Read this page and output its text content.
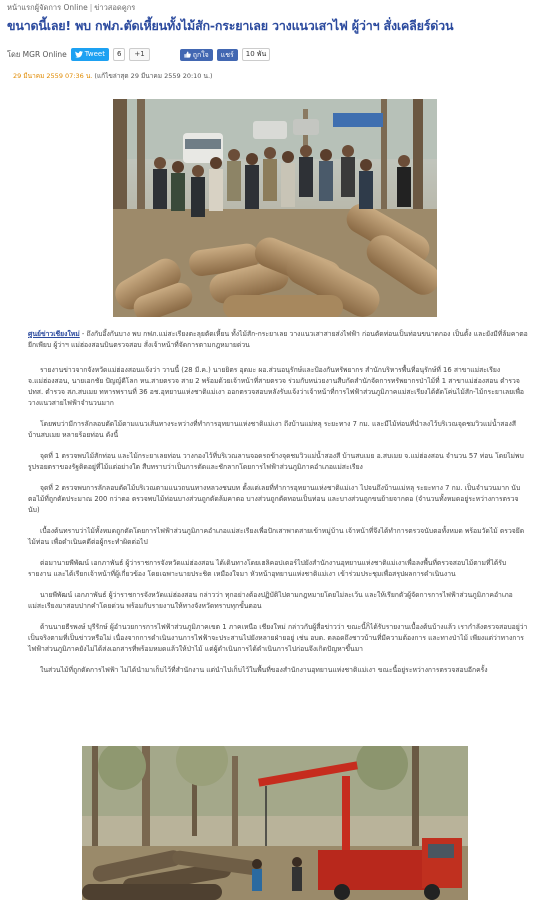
หน้าแรกผู้จัดการ Online | ข่าวสอดคูกร
ขนาดนี้เลย! พบ กฟภ.ตัดเหี้ยนทั้งไม้สัก-กระยาเลย วางแนวเสาไฟ ผู้ว่าฯ สั่งเคลียร์ด่วน
โดย MGR Online	Tweet	6	+1	ถูกใจ	แชร์	10 พัน
29 มีนาคม 2559 07:36 น. (แก้ไขล่าสุด 29 มีนาคม 2559 20:10 น.)

ศูนย์ข่าวเชียงใหม่ - ถึงกับอึ้งกันบาง พบ กฟภ.แม่สะเรียงตะลุยตัดเหี้ยน ทั้งไม้สัก-กระยาเลย วางแนวเสาสายส่งไฟฟ้า ก่อนตัดท่อนเป็นท่อนขนาดกอง เป็นตั้ง และยังมีที่ล้มคาตอยีกเพียบ ผู้ว่าฯ แม่ฮ่องสอนบินตรวจสอบ สั่งเจ้าหน้าที่จัดการตามกฎหมายด่วน

รายงานข่าวจากจังหวัดแม่ฮ่องสอนแจ้งว่า วานนี้ (28 มี.ค.) นายยิตร อุดมะ ผอ.ส่วนอนุรักษ์และป้องกันทรัพยากร สำนักบริหารพื้นที่อนุรักษ์ที่ 16 สาขาแม่สะเรียง จ.แม่ฮ่องสอน, นายเอกชัย ปัญญ์ดีโลก หน.สายตรวจ สาย 2 พร้อมด้วยเจ้าหน้าที่สายตรวจ ร่วมกับหน่วยงานสืบกัดสำนักจัดการทรัพยากรป่าไม้ที่ 1 สาขาแม่ฮ่องสอน ตำรวจ ปทส. ตำรวจ สภ.สบเมย ทหารพรานที่ 36 อช.อุทยานแห่งชาติแม่เงา ออกตรวจสอบหลังรับแจ้งว่าเจ้าหน้าที่การไฟฟ้าส่วนภูมิภาคแม่สะเรียงได้ตัดโค่นไม้สัก-ไม้กระยาเลยเพื่อวางแนวสายไฟฟ้าจำนวนมาก

โดยพบว่ามีการลักลอบตัดไม้ตามแนวเส้นทางระหว่างที่ทำการอุทยานแห่งชาติแม่เงา ถึงบ้านแม่หลุ ระยะทาง 7 กม. และมีไม้ท่อนที่นำลงไว้บริเวณจุดชมวิวแม่น้ำสองสี บ้านสบเมย หลายร้อยท่อน ดังนี้

จุดที่ 1 ตรวจพบไม้สักท่อน และไม้กระยาเลยท่อน วางกองไว้ที่บริเวณลานจอดรถข้างจุดชมวิวแม่น้ำสองสี บ้านสบเมย อ.สบเมย จ.แม่ฮ่องสอน จำนวน 57 ท่อน โดยไม่พบรูปรอยตราของรัฐติดอยู่ที่ไม้แต่อย่างใด สืบทราบว่าเป็นการตัดและชักลากโดยการไฟฟ้าส่วนภูมิภาคอำเภอแม่สะเรียง

จุดที่ 2 ตรวจพบการลักลอบตัดไม้บริเวณตามแนวถนนทางหลวงชนบท ตั้งแต่เลยที่ทำการอุทยานแห่งชาติแม่เงา ไปจนถึงบ้านแม่หลุ ระยะทาง 7 กม. เป็นจำนวนมาก นับตอไม้ที่ถูกตัดประมาณ 200 กว่าตอ ตรวจพบไม้ท่อนบางส่วนถูกตัดล้มคาตอ บางส่วนถูกตัดทอนเป็นท่อน และบางส่วนถูกขนย้ายจากตอ (จำนวนทั้งหมดอยู่ระหว่างการตรวจนับ)

เบื้องต้นทราบว่าไม้ทั้งหมดถูกตัดโดยการไฟฟ้าส่วนภูมิภาคอำเภอแม่สะเรียงเพื่อปักเสาพาดสายเข้าหมู่บ้าน เจ้าหน้าที่จึงได้ทำการตรวจนับตอทั้งหมด พร้อมวัดไม้ ตรวจยึดไม้ท่อน เพื่อดำเนินคดีต่อผู้กระทำผิดต่อไป

ต่อมานายพีพัฒน์ เอกภาพันธ์ ผู้ว่าราชการจังหวัดแม่ฮ่องสอน ได้เดินทางโดยเฮลิคอปเตอร์ไปยังสำนักงานอุทยานแห่งชาติแม่เงาเพื่อลงพื้นที่ตรวจสอบไม้ตามที่ได้รับรายงาน และได้เรียกเจ้าหน้าที่ผู้เกี่ยวข้อง โดยเฉพาะนายประชิต เหมืองใจมา หัวหน้าอุทยานแห่งชาติแม่เงา เข้าร่วมประชุมเพื่อสรุปผลการดำเนินงาน

นายพีพัฒน์ เอกภาพันธ์ ผู้ว่าราชการจังหวัดแม่ฮ่องสอน กล่าวว่า ทุกอย่างต้องปฏิบัติไปตามกฎหมายโดยไม่ละเว้น และให้เรียกตัวผู้จัดการการไฟฟ้าส่วนภูมิภาคอำเภอแม่สะเรียงมาสอบปากคำโดยด่วน พร้อมกับรายงานให้ทางจังหวัดทราบทุกขั้นตอน

ด้านนายธีรพงษ์ บุรีรักษ์ ผู้อำนวยการการไฟฟ้าส่วนภูมิภาคเขต 1 ภาคเหนือ เชียงใหม่ กล่าวกับผู้สื่อข่าวว่า ขณะนี้ก็ได้รับรายงานเบื้องต้นบ้างแล้ว เรากำลังตรวจสอบอยู่ว่าเป็นจริงตามที่เป็นข่าวหรือไม่ เนื่องจากการดำเนินงานการไฟฟ้าจะประสานไปยังหลายฝ่ายอยู่ เช่น อบต. ตลอดถึงชาวบ้านที่มีความต้องการ และทางป่าไม้ เพียงแต่ว่าทางการไฟฟ้าส่วนภูมิภาคยังไม่ได้ส่งเอกสารที่พร้อมหมดแล้วให้ป่าไม้ แต่ผู้ดำเนินการได้ดำเนินการไปก่อนจึงเกิดปัญหาขึ้นมา

ในส่วนไม้ที่ถูกตัดการไฟฟ้า ไม่ได้นำมาเก็บไว้ที่สำนักงาน แต่นำไปเก็บไว้ในพื้นที่ของสำนักงานอุทยานแห่งชาติแม่เงา ขณะนี้อยู่ระหว่างการตรวจสอบอีกครั้ง
